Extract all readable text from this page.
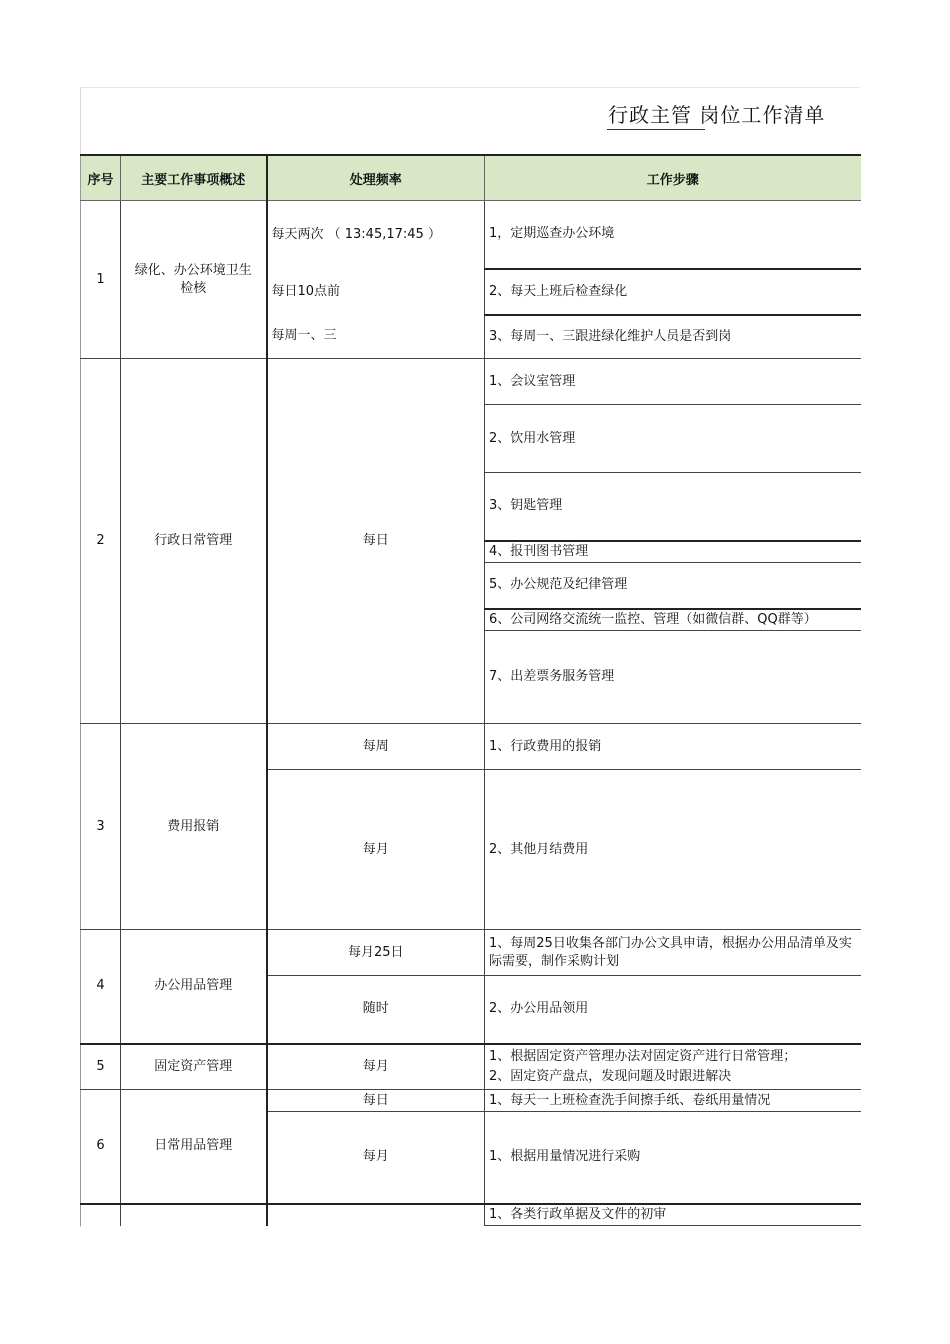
行政主管 岗位工作清单
序号	主要工作事项概述	处理频率	工作步骤
1	绿化、办公环境卫生检核	每天两次 （ 13:45,17:45 ）	1，定期巡查办公环境
		每日10点前	2、每天上班后检查绿化
		每周一、三	3、每周一、三跟进绿化维护人员是否到岗
2	行政日常管理	每日	1、会议室管理
			2、饮用水管理
			3、钥匙管理
			4、报刊图书管理
			5、办公规范及纪律管理
			6、公司网络交流统一监控、管理（如微信群、QQ群等）
			7、出差票务服务管理
3	费用报销	每周	1、行政费用的报销
		每月	2、其他月结费用
4	办公用品管理	每月25日	1、每周25日收集各部门办公文具申请，根据办公用品清单及实际需要，制作采购计划
		随时	2、办公用品领用
5	固定资产管理	每月	1、根据固定资产管理办法对固定资产进行日常管理；
2、固定资产盘点，发现问题及时跟进解决

6	日常用品管理	每日	1、每天一上班检查洗手间擦手纸、卷纸用量情况
		每月	1、根据用量情况进行采购
			1、各类行政单据及文件的初审
